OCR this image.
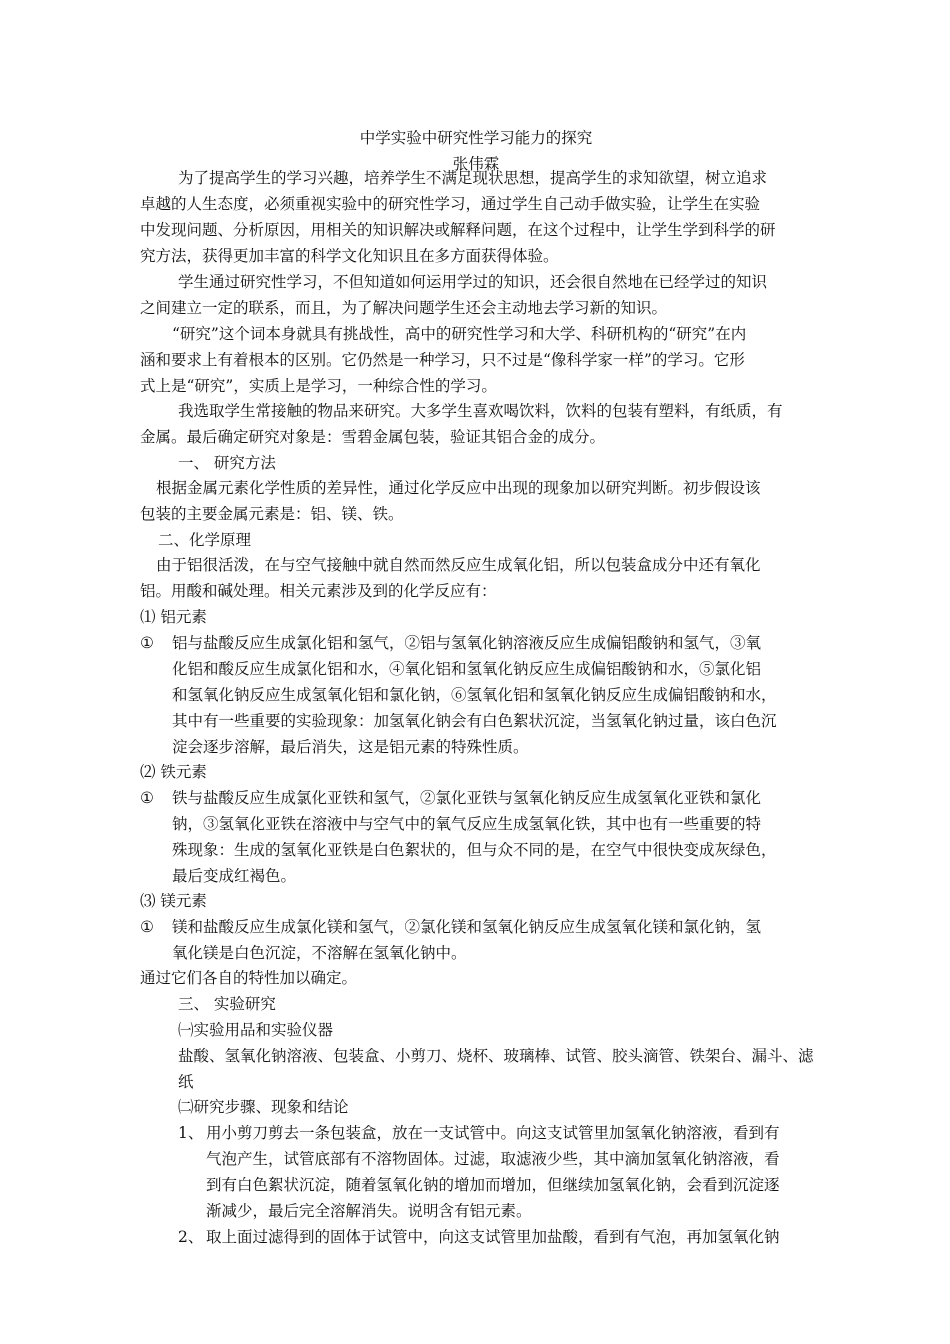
中学实验中研究性学习能力的探究
张伟霖
为了提高学生的学习兴趣，培养学生不满足现状思想，提高学生的求知欲望，树立追求
卓越的人生态度，必须重视实验中的研究性学习，通过学生自己动手做实验，让学生在实验
中发现问题、分析原因，用相关的知识解决或解释问题，在这个过程中，让学生学到科学的研
究方法，获得更加丰富的科学文化知识且在多方面获得体验。
学生通过研究性学习，不但知道如何运用学过的知识，还会很自然地在已经学过的知识
之间建立一定的联系，而且，为了解决问题学生还会主动地去学习新的知识。
“研究”这个词本身就具有挑战性，高中的研究性学习和大学、科研机构的“研究”在内
涵和要求上有着根本的区别。它仍然是一种学习，只不过是“像科学家一样”的学习。它形
式上是“研究”，实质上是学习，一种综合性的学习。
我选取学生常接触的物品来研究。大多学生喜欢喝饮料，饮料的包装有塑料，有纸质，有
金属。最后确定研究对象是：雪碧金属包装，验证其铝合金的成分。
一、 研究方法
根据金属元素化学性质的差异性，通过化学反应中出现的现象加以研究判断。初步假设该
包装的主要金属元素是：铝、镁、铁。
二、化学原理
由于铝很活泼，在与空气接触中就自然而然反应生成氧化铝，所以包装盒成分中还有氧化
铝。用酸和碱处理。相关元素涉及到的化学反应有：
⑴ 铝元素
① 铝与盐酸反应生成氯化铝和氢气，②铝与氢氧化钠溶液反应生成偏铝酸钠和氢气，③氧
化铝和酸反应生成氯化铝和水，④氧化铝和氢氧化钠反应生成偏铝酸钠和水，⑤氯化铝
和氢氧化钠反应生成氢氧化铝和氯化钠，⑥氢氧化铝和氢氧化钠反应生成偏铝酸钠和水，
其中有一些重要的实验现象：加氢氧化钠会有白色絮状沉淀，当氢氧化钠过量，该白色沉
淀会逐步溶解，最后消失，这是铝元素的特殊性质。
⑵ 铁元素
① 铁与盐酸反应生成氯化亚铁和氢气，②氯化亚铁与氢氧化钠反应生成氢氧化亚铁和氯化
钠，③氢氧化亚铁在溶液中与空气中的氧气反应生成氢氧化铁，其中也有一些重要的特
殊现象：生成的氢氧化亚铁是白色絮状的，但与众不同的是，在空气中很快变成灰绿色，
最后变成红褐色。
⑶ 镁元素
① 镁和盐酸反应生成氯化镁和氢气，②氯化镁和氢氧化钠反应生成氢氧化镁和氯化钠，氢
氧化镁是白色沉淀，不溶解在氢氧化钠中。
通过它们各自的特性加以确定。
三、 实验研究
㈠实验用品和实验仪器
盐酸、氢氧化钠溶液、包装盒、小剪刀、烧杯、玻璃棒、试管、胶头滴管、铁架台、漏斗、滤
纸
㈡研究步骤、现象和结论
1、 用小剪刀剪去一条包装盒，放在一支试管中。向这支试管里加氢氧化钠溶液，看到有
气泡产生，试管底部有不溶物固体。过滤，取滤液少些，其中滴加氢氧化钠溶液，看
到有白色絮状沉淀，随着氢氧化钠的增加而增加，但继续加氢氧化钠，会看到沉淀逐
渐减少，最后完全溶解消失。说明含有铝元素。
2、 取上面过滤得到的固体于试管中，向这支试管里加盐酸，看到有气泡，再加氢氧化钠
